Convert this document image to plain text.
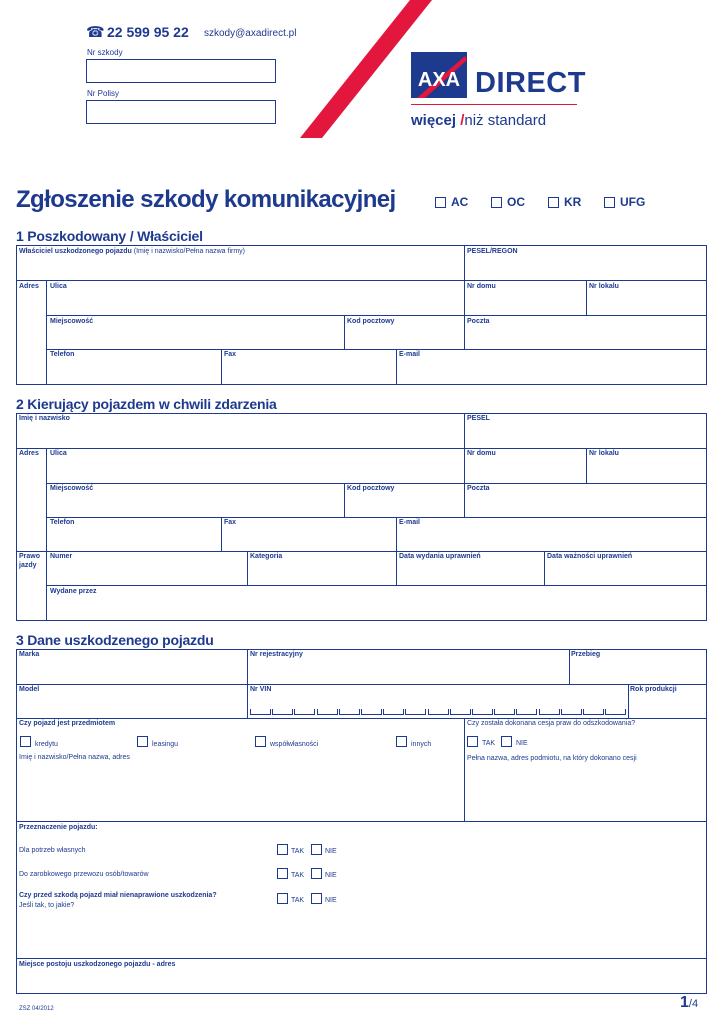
☎ 22 599 95 22 szkody@axadirect.pl
Nr szkody
Nr Polisy
AXA DIRECT
więcej /niż standard
Zgłoszenie szkody komunikacyjnej	AC	OC	KR	UFG
1 Poszkodowany / Właściciel
Właściciel uszkodzonego pojazdu (Imię i nazwisko/Pełna nazwa firmy)	PESEL/REGON
Adres Ulica	Nr domu	Nr lokalu
Miejscowość	Kod pocztowy	Poczta
Telefon	Fax	E-mail
2 Kierujący pojazdem w chwili zdarzenia
Imię i nazwisko	PESEL
Adres Ulica	Nr domu	Nr lokalu
Miejscowość	Kod pocztowy	Poczta
Telefon	Fax	E-mail
Prawo
jazdy
Numer	Kategoria	Data wydania uprawnień	Data ważności uprawnień
Wydane przez
3 Dane uszkodzenego pojazdu
Marka	Nr rejestracyjny	Przebieg
Model	Nr VIN	Rok produkcji
Czy pojazd jest przedmiotem
kredytu	leasingu	współwłasności	innych
Imię i nazwisko/Pełna nazwa, adres
Czy została dokonana cesja praw do odszkodowania?
TAK	NIE
Pełna nazwa, adres podmiotu, na który dokonano cesji
Przeznaczenie pojazdu:
Dla potrzeb własnych	TAK	NIE
Do zarobkowego przewozu osób/towarów	TAK	NIE
Czy przed szkodą pojazd miał nienaprawione uszkodzenia?
Jeśli tak, to jakie?
TAK	NIE
Miejsce postoju uszkodzonego pojazdu - adres
ZSZ 04/2012	1/4
